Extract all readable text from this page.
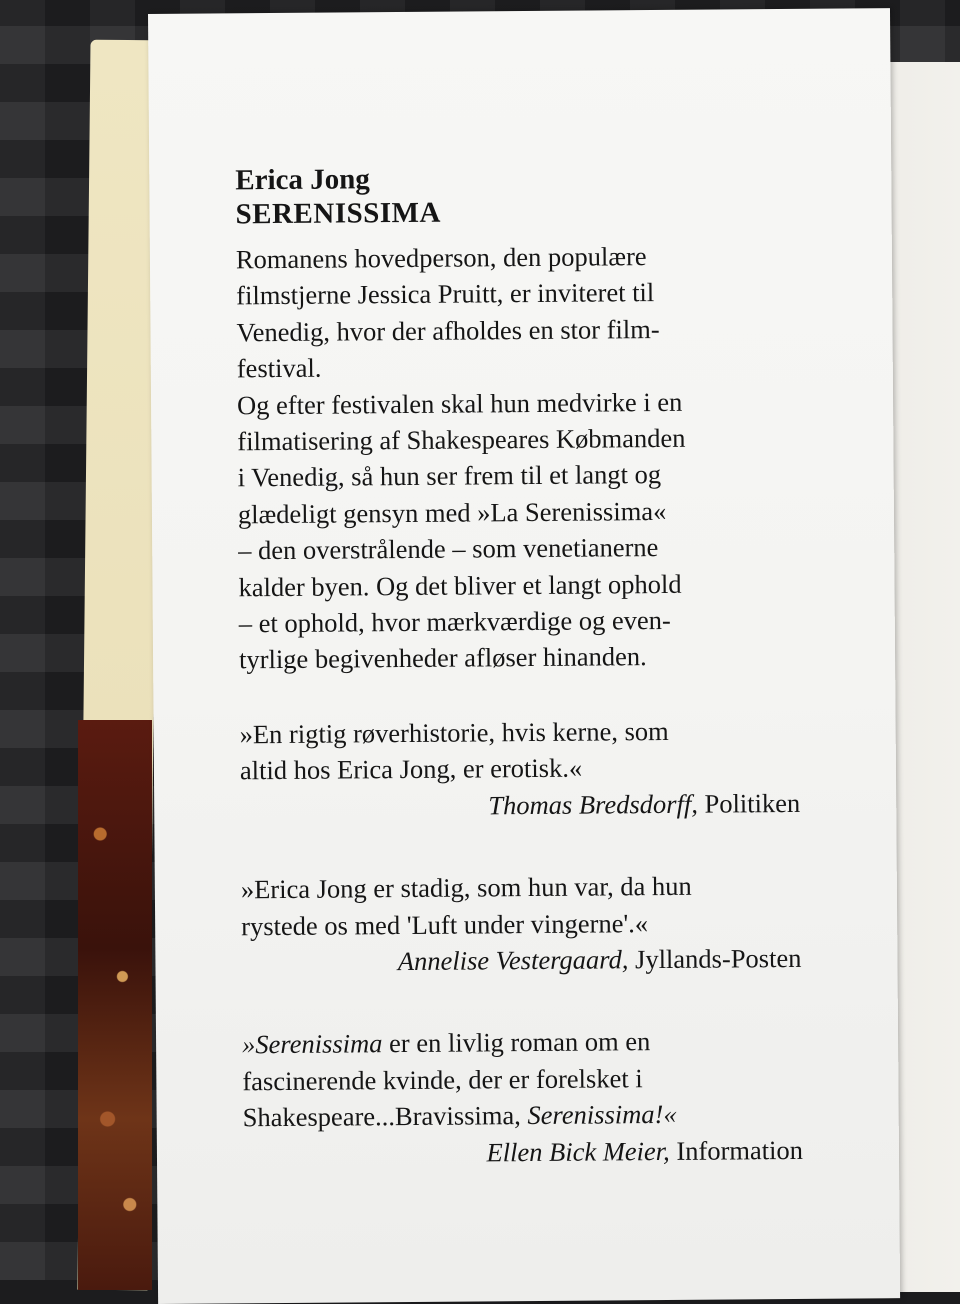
Erica Jong

SERENISSIMA

Romanens hovedperson, den populære

filmstjerne Jessica Pruitt, er inviteret til

Venedig, hvor der afholdes en stor film-

festival.

Og efter festivalen skal hun medvirke i en

filmatisering af Shakespeares Købmanden

i Venedig, så hun ser frem til et langt og

glædeligt gensyn med »La Serenissima«

– den overstrålende – som venetianerne

kalder byen. Og det bliver et langt ophold

– et ophold, hvor mærkværdige og even-

tyrlige begivenheder afløser hinanden.

»En rigtig røverhistorie, hvis kerne, som

altid hos Erica Jong, er erotisk.«

Thomas Bredsdorff, Politiken

»Erica Jong er stadig, som hun var, da hun

rystede os med 'Luft under vingerne'.«

Annelise Vestergaard, Jyllands-Posten

»Serenissima er en livlig roman om en

fascinerende kvinde, der er forelsket i

Shakespeare...Bravissima, Serenissima!«

Ellen Bick Meier, Information
